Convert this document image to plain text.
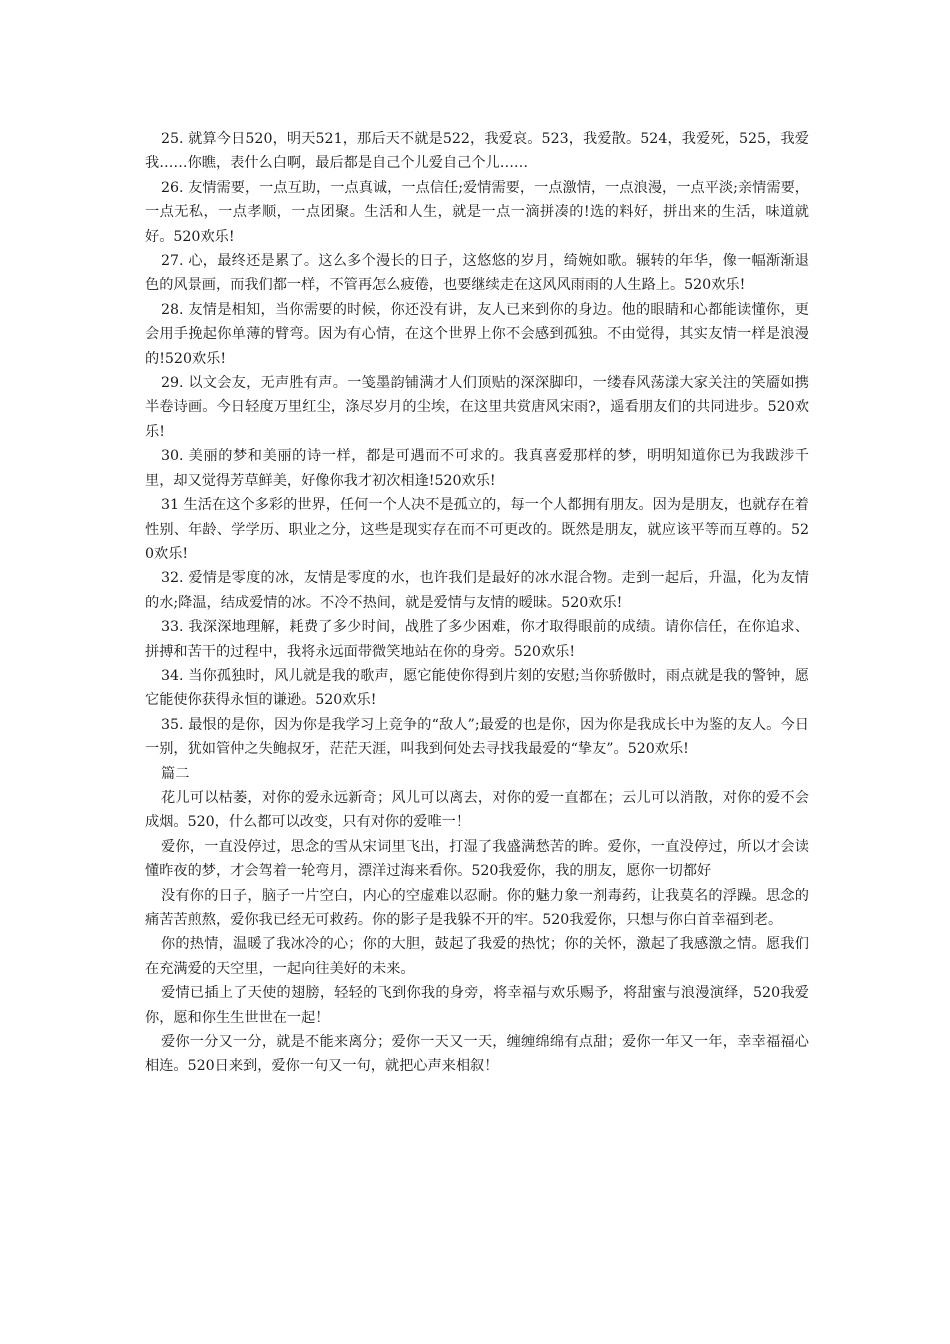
25. 就算今日520，明天521，那后天不就是522，我爱哀。523，我爱散。524，我爱死，525，我爱我……你瞧，表什么白啊，最后都是自己个儿爱自己个儿……

26. 友情需要，一点互助，一点真诚，一点信任;爱情需要，一点激情，一点浪漫，一点平淡;亲情需要，一点无私，一点孝顺，一点团聚。生活和人生，就是一点一滴拼凑的!选的料好，拼出来的生活，味道就好。520欢乐!

27. 心，最终还是累了。这么多个漫长的日子，这悠悠的岁月，绮婉如歌。辗转的年华，像一幅渐渐退色的风景画，而我们都一样，不管再怎么疲倦，也要继续走在这风风雨雨的人生路上。520欢乐!

28. 友情是相知，当你需要的时候，你还没有讲，友人已来到你的身边。他的眼睛和心都能读懂你，更会用手挽起你单薄的臂弯。因为有心情，在这个世界上你不会感到孤独。不由觉得，其实友情一样是浪漫的!520欢乐!

29. 以文会友，无声胜有声。一笺墨韵铺满才人们顶贴的深深脚印，一缕春风荡漾大家关注的笑靥如携半卷诗画。今日轻度万里红尘，涤尽岁月的尘埃，在这里共赏唐风宋雨?，遥看朋友们的共同进步。520欢乐!

30. 美丽的梦和美丽的诗一样，都是可遇而不可求的。我真喜爱那样的梦，明明知道你已为我跋涉千里，却又觉得芳草鲜美，好像你我才初次相逢!520欢乐!

31 生活在这个多彩的世界，任何一个人决不是孤立的，每一个人都拥有朋友。因为是朋友，也就存在着性别、年龄、学学历、职业之分，这些是现实存在而不可更改的。既然是朋友，就应该平等而互尊的。520欢乐!

32. 爱情是零度的冰，友情是零度的水，也许我们是最好的冰水混合物。走到一起后，升温，化为友情的水;降温，结成爱情的冰。不冷不热间，就是爱情与友情的暧昧。520欢乐!

33. 我深深地理解，耗费了多少时间，战胜了多少困难，你才取得眼前的成绩。请你信任，在你追求、拼搏和苦干的过程中，我将永远面带微笑地站在你的身旁。520欢乐!

34. 当你孤独时，风儿就是我的歌声，愿它能使你得到片刻的安慰;当你骄傲时，雨点就是我的警钟，愿它能使你获得永恒的谦逊。520欢乐!

35. 最恨的是你，因为你是我学习上竞争的“敌人”;最爱的也是你，因为你是我成长中为鉴的友人。今日一别，犹如管仲之失鲍叔牙，茫茫天涯，叫我到何处去寻找我最爱的“挚友”。520欢乐!

篇二

花儿可以枯萎，对你的爱永远新奇；风儿可以离去，对你的爱一直都在；云儿可以消散，对你的爱不会成烟。520，什么都可以改变，只有对你的爱唯一！

爱你，一直没停过，思念的雪从宋词里飞出，打湿了我盛满愁苦的眸。爱你，一直没停过，所以才会读懂昨夜的梦，才会驾着一轮弯月，漂洋过海来看你。520我爱你，我的朋友，愿你一切都好

没有你的日子，脑子一片空白，内心的空虚难以忍耐。你的魅力象一剂毒药，让我莫名的浮躁。思念的痛苦苦煎熬，爱你我已经无可救药。你的影子是我躲不开的牢。520我爱你，只想与你白首幸福到老。

你的热情，温暖了我冰冷的心；你的大胆，鼓起了我爱的热忱；你的关怀，激起了我感激之情。愿我们在充满爱的天空里，一起向往美好的未来。

爱情已插上了天使的翅膀，轻轻的飞到你我的身旁，将幸福与欢乐赐予，将甜蜜与浪漫演绎，520我爱你，愿和你生生世世在一起！

爱你一分又一分，就是不能来离分；爱你一天又一天，缠缠绵绵有点甜；爱你一年又一年，幸幸福福心相连。520日来到，爱你一句又一句，就把心声来相叙！
